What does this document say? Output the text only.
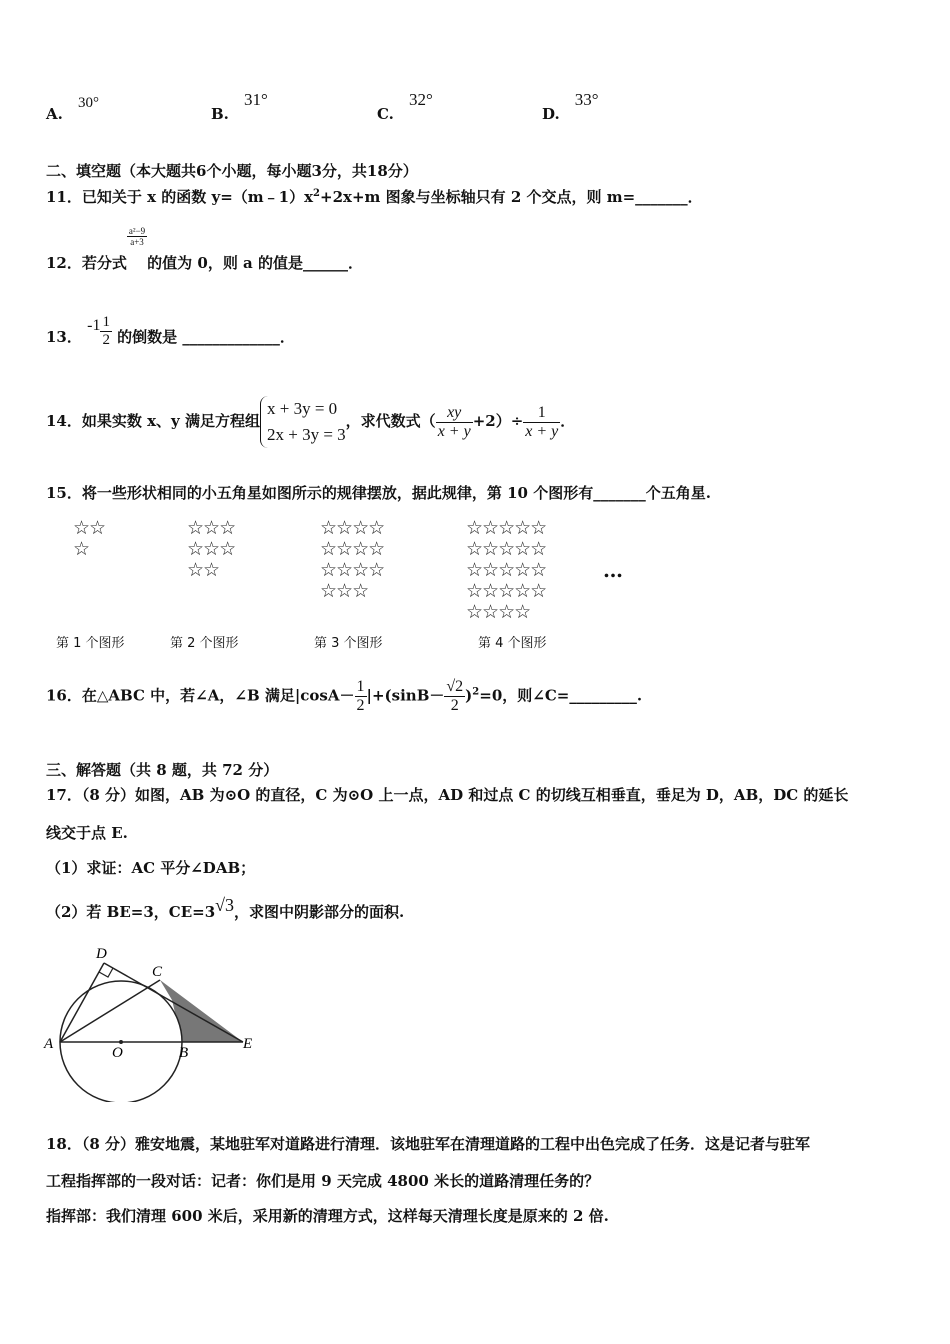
A. 30°
B. 31°
C. 32°
D. 33°
二、填空题（本大题共6个小题，每小题3分，共18分）
11．已知关于 x 的函数 $y=(m﹣1)x^2+2x+m$ 图象与坐标轴只有 2 个交点，则 m=_______．
12．若分式
$\frac{\text{a²−9}}{a+3}$
的值为 0，则 a 的值是______．
13． $-1 \frac{1}{2}$ 的倒数是 _____________．
14．如果实数 x、y 满足方程组
x + 3y = 0
2x + 3y = 3
，求代数式（ $\frac{xy}{x + y} +2)\div \frac{1}{x + y}$ ．
15．将一些形状相同的小五角星如图所示的规律摆放，据此规律，第 10 个图形有_______个五角星.
☆☆
☆
☆☆☆
☆☆☆
☆☆
☆☆☆☆
☆☆☆☆
☆☆☆☆
☆☆☆
☆☆☆☆☆
☆☆☆☆☆
☆☆☆☆☆
☆☆☆☆☆
☆☆☆☆
…
第 1 个图形	第 2 个图形	第 3 个图形	第 4 个图形
16．在△ABC 中，若∠A，∠B 满足$|\cos A- \frac{1}{2} |+(\sin B- \frac{√2}{2} )^2=0$，则∠C=_________.
三、解答题（共 8 题，共 72 分）
17．（8 分）如图，AB 为⊙O 的直径，C 为⊙O 上一点，AD 和过点 C 的切线互相垂直，垂足为 D，AB，DC 的延长
线交于点 E.
（1）求证：AC 平分∠DAB；
（2）若 BE=3，CE=3√3，求图中阴影部分的面积.
D
C
A
O	B
E
18．（8 分）雅安地震，某地驻军对道路进行清理．该地驻军在清理道路的工程中出色完成了任务．这是记者与驻军
工程指挥部的一段对话：记者：你们是用 9 天完成 4800 米长的道路清理任务的？
指挥部：我们清理 600 米后，采用新的清理方式，这样每天清理长度是原来的 2 倍.
